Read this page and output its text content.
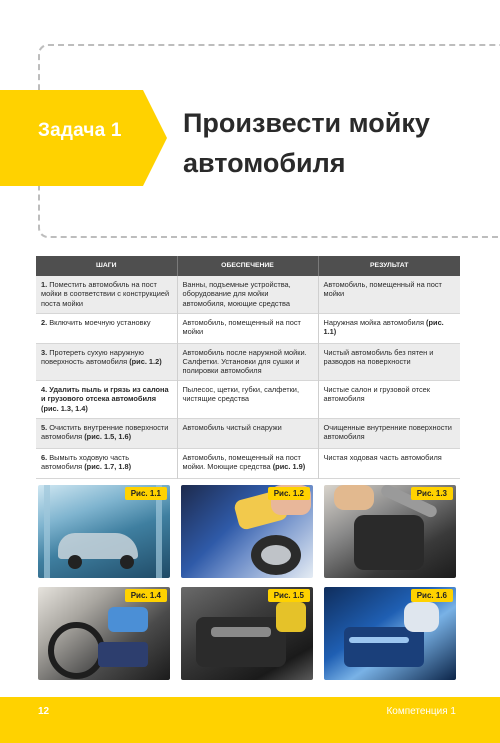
Задача 1 Произвести мойку
автомобиля
ШАГИ	ОБЕСПЕЧЕНИЕ	РЕЗУЛЬТАТ
1. Поместить автомобиль на пост мойки в соответствии с конструкцией поста мойки	Ванны, подъемные устройства, оборудование для мойки автомобиля, моющие средства	Автомобиль, помещенный на пост мойки
2. Включить моечную установку	Автомобиль, помещенный на пост мойки	Наружная мойка автомобиля (рис. 1.1)
3. Протереть сухую наружную поверхность автомобиля (рис. 1.2)	Автомобиль после наружной мойки. Салфетки. Установки для сушки и полировки автомобиля	Чистый автомобиль без пятен и разводов на поверхности
4. Удалить пыль и грязь из салона и грузового отсека автомобиля (рис. 1.3, 1.4)	Пылесос, щетки, губки, салфетки, чистящие средства	Чистые салон и грузовой отсек автомобиля
5. Очистить внутренние поверхности автомобиля (рис. 1.5, 1.6)	Автомобиль чистый снаружи	Очищенные внутренние поверхности автомобиля
6. Вымыть ходовую часть автомобиля (рис. 1.7, 1.8)	Автомобиль, помещенный на пост мойки. Моющие средства (рис. 1.9)	Чистая ходовая часть автомобиля
Рис. 1.1	Рис. 1.2	Рис. 1.3
Рис. 1.4	Рис. 1.5	Рис. 1.6
12	Компетенция 1
